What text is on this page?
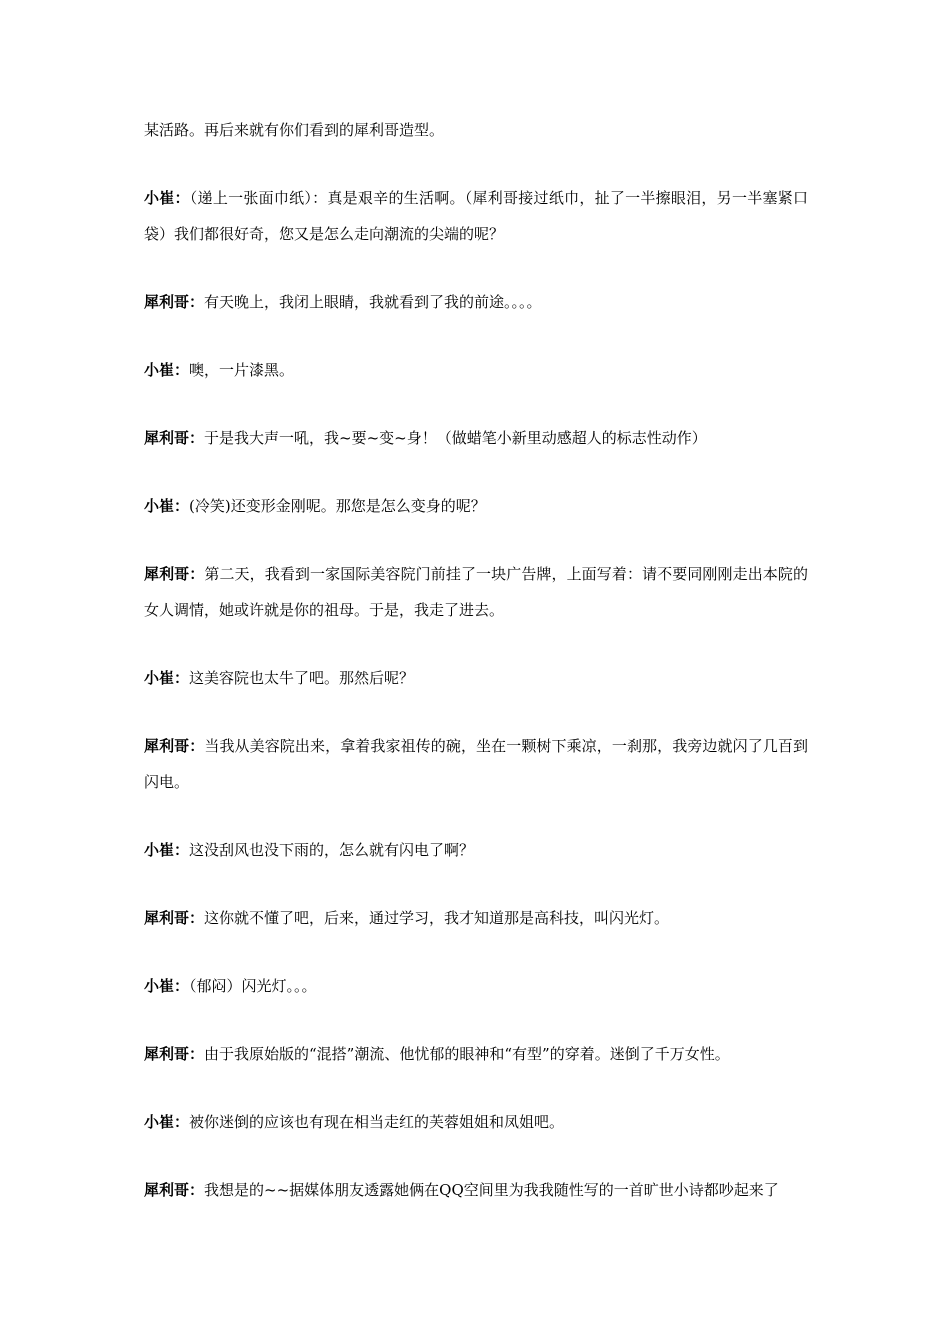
某活路。再后来就有你们看到的犀利哥造型。

小崔：（递上一张面巾纸）：真是艰辛的生活啊。（犀利哥接过纸巾，扯了一半擦眼泪，另一半塞紧口袋）我们都很好奇，您又是怎么走向潮流的尖端的呢？

犀利哥：有天晚上，我闭上眼睛，我就看到了我的前途。。。。

小崔：噢，一片漆黑。

犀利哥：于是我大声一吼，我~要~变~身！（做蜡笔小新里动感超人的标志性动作）

小崔：(冷笑)还变形金刚呢。那您是怎么变身的呢？

犀利哥：第二天，我看到一家国际美容院门前挂了一块广告牌，上面写着：请不要同刚刚走出本院的女人调情，她或许就是你的祖母。于是，我走了进去。

小崔：这美容院也太牛了吧。那然后呢？

犀利哥：当我从美容院出来，拿着我家祖传的碗，坐在一颗树下乘凉，一刹那，我旁边就闪了几百到闪电。

小崔：这没刮风也没下雨的，怎么就有闪电了啊？

犀利哥：这你就不懂了吧，后来，通过学习，我才知道那是高科技，叫闪光灯。

小崔：（郁闷）闪光灯。。。

犀利哥：由于我原始版的“混搭”潮流、他忧郁的眼神和“有型”的穿着。迷倒了千万女性。

小崔：被你迷倒的应该也有现在相当走红的芙蓉姐姐和凤姐吧。

犀利哥：我想是的~~据媒体朋友透露她俩在QQ空间里为我我随性写的一首旷世小诗都吵起来了
